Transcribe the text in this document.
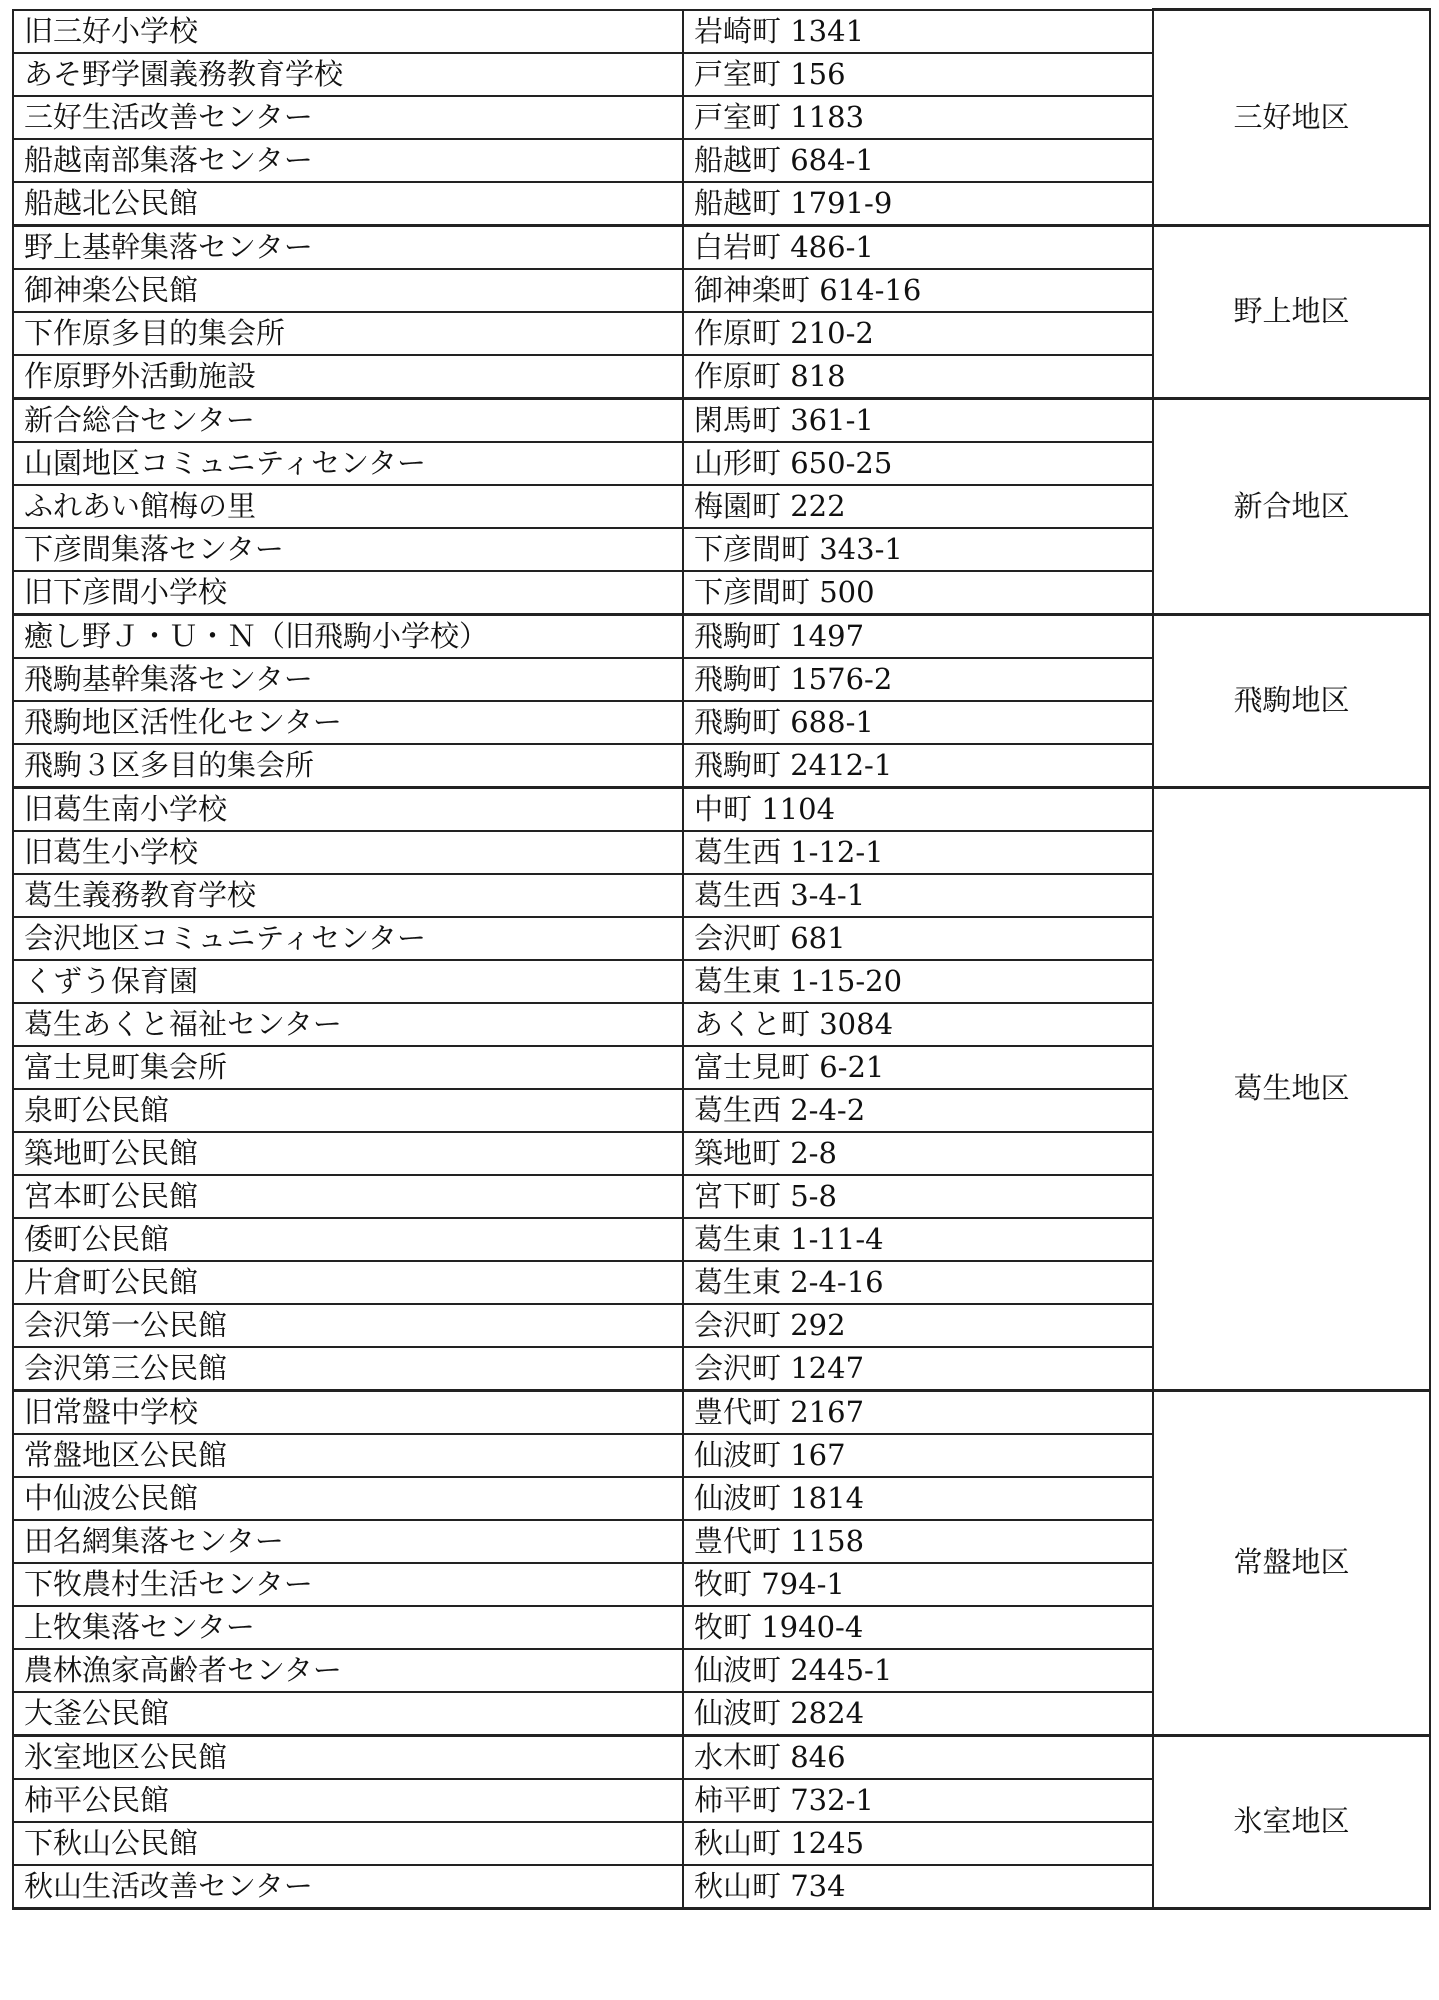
旧三好小学校	岩崎町 1341	三好地区
あそ野学園義務教育学校	戸室町 156	
三好生活改善センター	戸室町 1183	
船越南部集落センター	船越町 684-1	
船越北公民館	船越町 1791-9	
野上基幹集落センター	白岩町 486-1	野上地区
御神楽公民館	御神楽町 614-16	
下作原多目的集会所	作原町 210-2	
作原野外活動施設	作原町 818	
新合総合センター	閑馬町 361-1	新合地区
山園地区コミュニティセンター	山形町 650-25	
ふれあい館梅の里	梅園町 222	
下彦間集落センター	下彦間町 343-1	
旧下彦間小学校	下彦間町 500	
癒し野Ｊ・Ｕ・Ｎ（旧飛駒小学校）	飛駒町 1497	飛駒地区
飛駒基幹集落センター	飛駒町 1576-2	
飛駒地区活性化センター	飛駒町 688-1	
飛駒３区多目的集会所	飛駒町 2412-1	
旧葛生南小学校	中町 1104	葛生地区
旧葛生小学校	葛生西 1-12-1	
葛生義務教育学校	葛生西 3-4-1	
会沢地区コミュニティセンター	会沢町 681	
くずう保育園	葛生東 1-15-20	
葛生あくと福祉センター	あくと町 3084	
富士見町集会所	富士見町 6-21	
泉町公民館	葛生西 2-4-2	
築地町公民館	築地町 2-8	
宮本町公民館	宮下町 5-8	
倭町公民館	葛生東 1-11-4	
片倉町公民館	葛生東 2-4-16	
会沢第一公民館	会沢町 292	
会沢第三公民館	会沢町 1247	
旧常盤中学校	豊代町 2167	常盤地区
常盤地区公民館	仙波町 167	
中仙波公民館	仙波町 1814	
田名網集落センター	豊代町 1158	
下牧農村生活センター	牧町 794-1	
上牧集落センター	牧町 1940-4	
農林漁家高齢者センター	仙波町 2445-1	
大釜公民館	仙波町 2824	
氷室地区公民館	水木町 846	氷室地区
柿平公民館	柿平町 732-1	
下秋山公民館	秋山町 1245	
秋山生活改善センター	秋山町 734	
